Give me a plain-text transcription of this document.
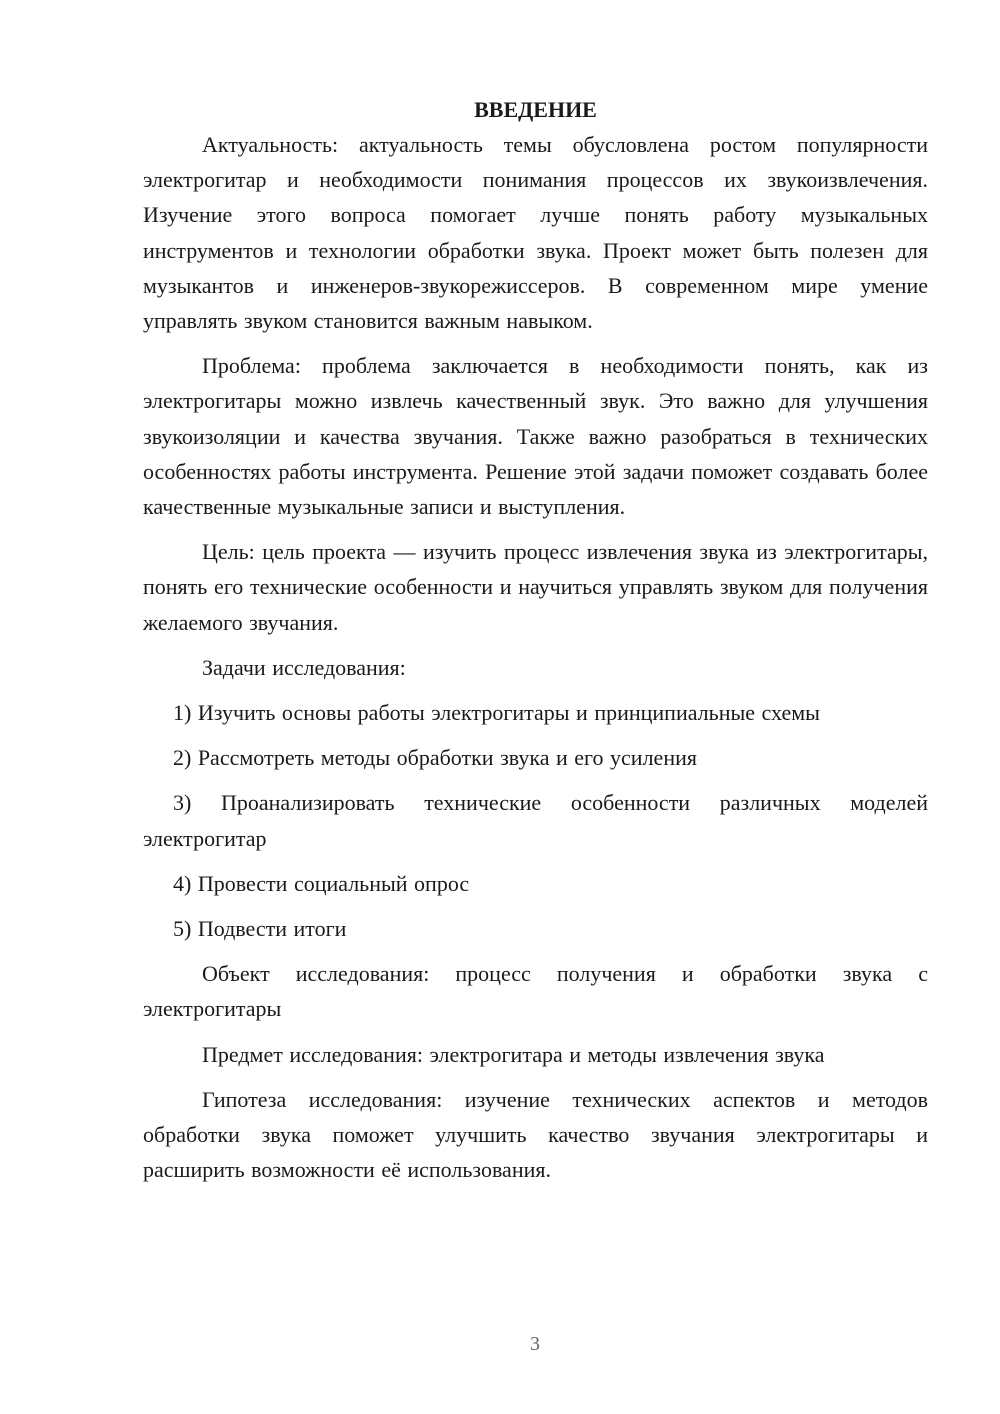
ВВЕДЕНИЕ

Актуальность: актуальность темы обусловлена ростом популярности электрогитар и необходимости понимания процессов их звукоизвлечения. Изучение этого вопроса помогает лучше понять работу музыкальных инструментов и технологии обработки звука. Проект может быть полезен для музыкантов и инженеров-звукорежиссеров. В современном мире умение управлять звуком становится важным навыком.

Проблема: проблема заключается в необходимости понять, как из электрогитары можно извлечь качественный звук. Это важно для улучшения звукоизоляции и качества звучания. Также важно разобраться в технических особенностях работы инструмента. Решение этой задачи поможет создавать более качественные музыкальные записи и выступления.

Цель: цель проекта — изучить процесс извлечения звука из электрогитары, понять его технические особенности и научиться управлять звуком для получения желаемого звучания.

Задачи исследования:

1) Изучить основы работы электрогитары и принципиальные схемы

2) Рассмотреть методы обработки звука и его усиления

3) Проанализировать технические особенности различных моделей электрогитар

4) Провести социальный опрос

5) Подвести итоги

Объект исследования: процесс получения и обработки звука с электрогитары

Предмет исследования: электрогитара и методы извлечения звука

Гипотеза исследования: изучение технических аспектов и методов обработки звука поможет улучшить качество звучания электрогитары и расширить возможности её использования.

3
